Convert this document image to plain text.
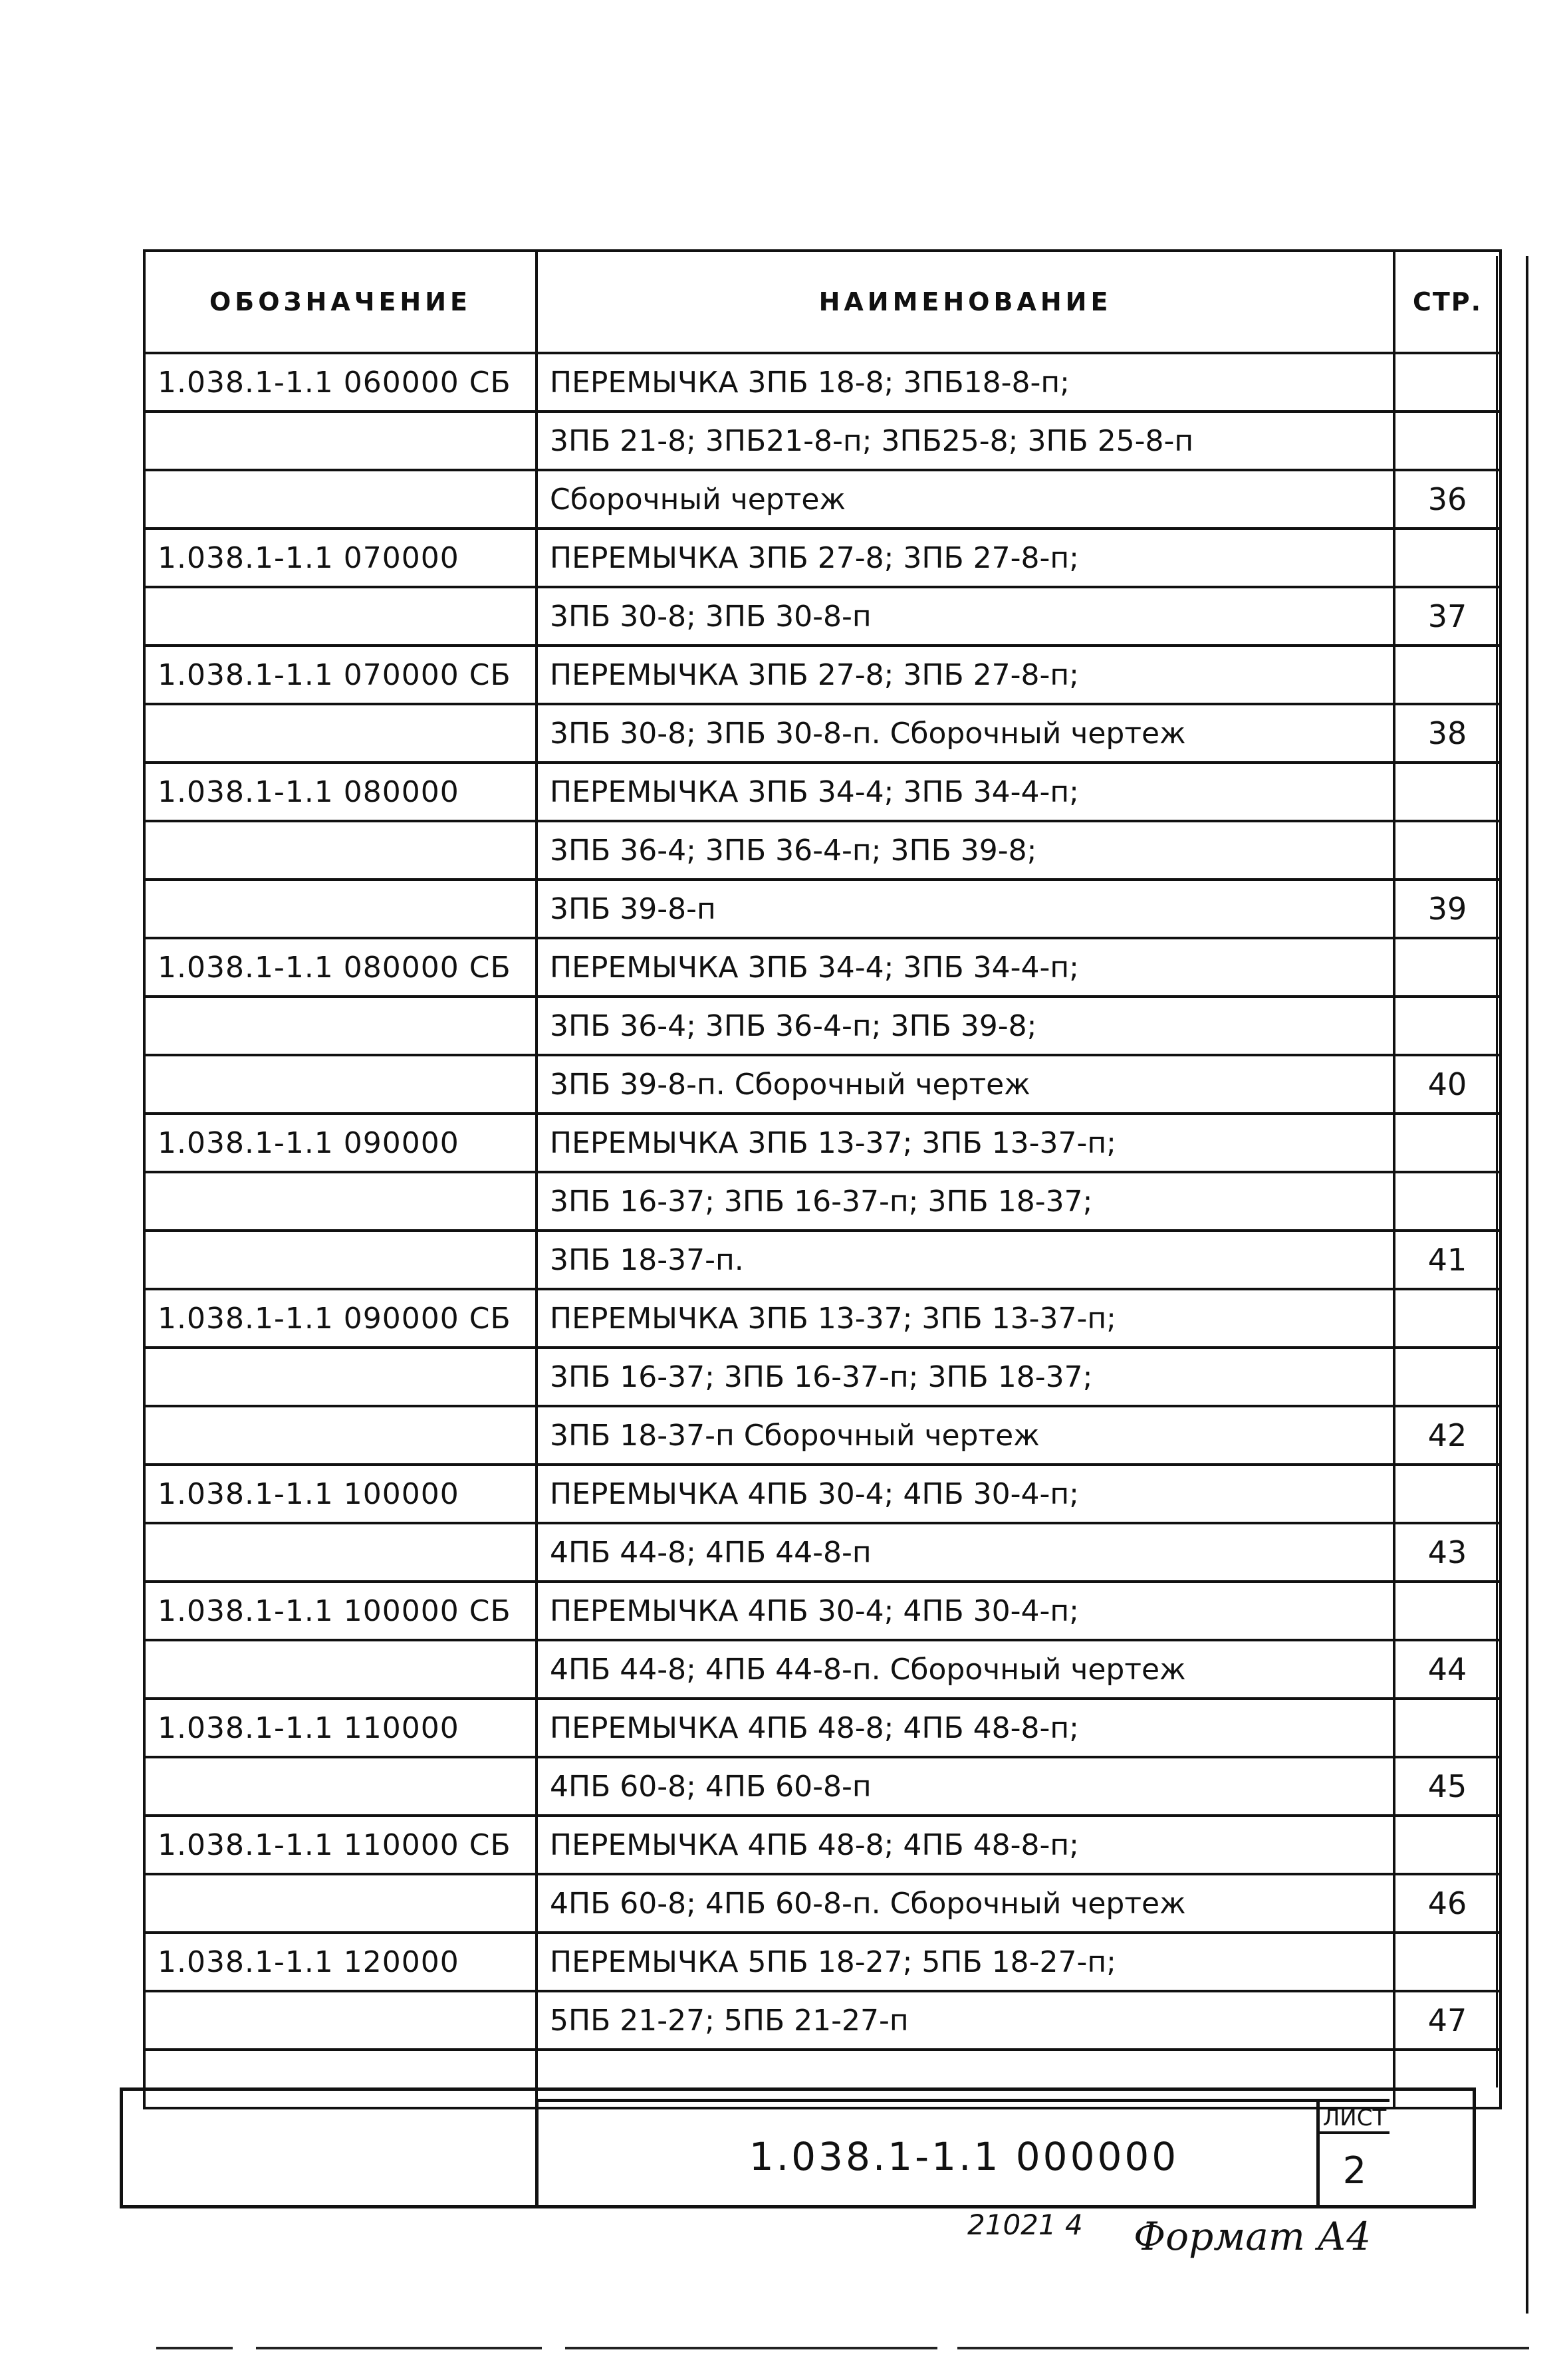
ОБОЗНАЧЕНИЕ	НАИМЕНОВАНИЕ	СТР.
1.038.1-1.1 060000 СБ	ПЕРЕМЫЧКА 3ПБ 18-8; 3ПБ18-8-п;	
	3ПБ 21-8; 3ПБ21-8-п; 3ПБ25-8; 3ПБ 25-8-п	
	Сборочный чертеж	36
1.038.1-1.1 070000	ПЕРЕМЫЧКА 3ПБ 27-8; 3ПБ 27-8-п;	
	3ПБ 30-8; 3ПБ 30-8-п	37
1.038.1-1.1 070000 СБ	ПЕРЕМЫЧКА 3ПБ 27-8; 3ПБ 27-8-п;	
	3ПБ 30-8; 3ПБ 30-8-п. Сборочный чертеж	38
1.038.1-1.1 080000	ПЕРЕМЫЧКА 3ПБ 34-4; 3ПБ 34-4-п;	
	3ПБ 36-4; 3ПБ 36-4-п; 3ПБ 39-8;	
	3ПБ 39-8-п	39
1.038.1-1.1 080000 СБ	ПЕРЕМЫЧКА 3ПБ 34-4; 3ПБ 34-4-п;	
	3ПБ 36-4; 3ПБ 36-4-п; 3ПБ 39-8;	
	3ПБ 39-8-п. Сборочный чертеж	40
1.038.1-1.1 090000	ПЕРЕМЫЧКА 3ПБ 13-37; 3ПБ 13-37-п;	
	3ПБ 16-37; 3ПБ 16-37-п; 3ПБ 18-37;	
	3ПБ 18-37-п.	41
1.038.1-1.1 090000 СБ	ПЕРЕМЫЧКА 3ПБ 13-37; 3ПБ 13-37-п;	
	3ПБ 16-37; 3ПБ 16-37-п; 3ПБ 18-37;	
	3ПБ 18-37-п Сборочный чертеж	42
1.038.1-1.1 100000	ПЕРЕМЫЧКА 4ПБ 30-4; 4ПБ 30-4-п;	
	4ПБ 44-8; 4ПБ 44-8-п	43
1.038.1-1.1 100000 СБ	ПЕРЕМЫЧКА 4ПБ 30-4; 4ПБ 30-4-п;	
	4ПБ 44-8; 4ПБ 44-8-п. Сборочный чертеж	44
1.038.1-1.1 110000	ПЕРЕМЫЧКА 4ПБ 48-8; 4ПБ 48-8-п;	
	4ПБ 60-8; 4ПБ 60-8-п	45
1.038.1-1.1 110000 СБ	ПЕРЕМЫЧКА 4ПБ 48-8; 4ПБ 48-8-п;	
	4ПБ 60-8; 4ПБ 60-8-п. Сборочный чертеж	46
1.038.1-1.1 120000	ПЕРЕМЫЧКА 5ПБ 18-27; 5ПБ 18-27-п;	
	5ПБ 21-27; 5ПБ 21-27-п	47

1.038.1-1.1 000000
ЛИСТ
2
21021 4 Формат А4
